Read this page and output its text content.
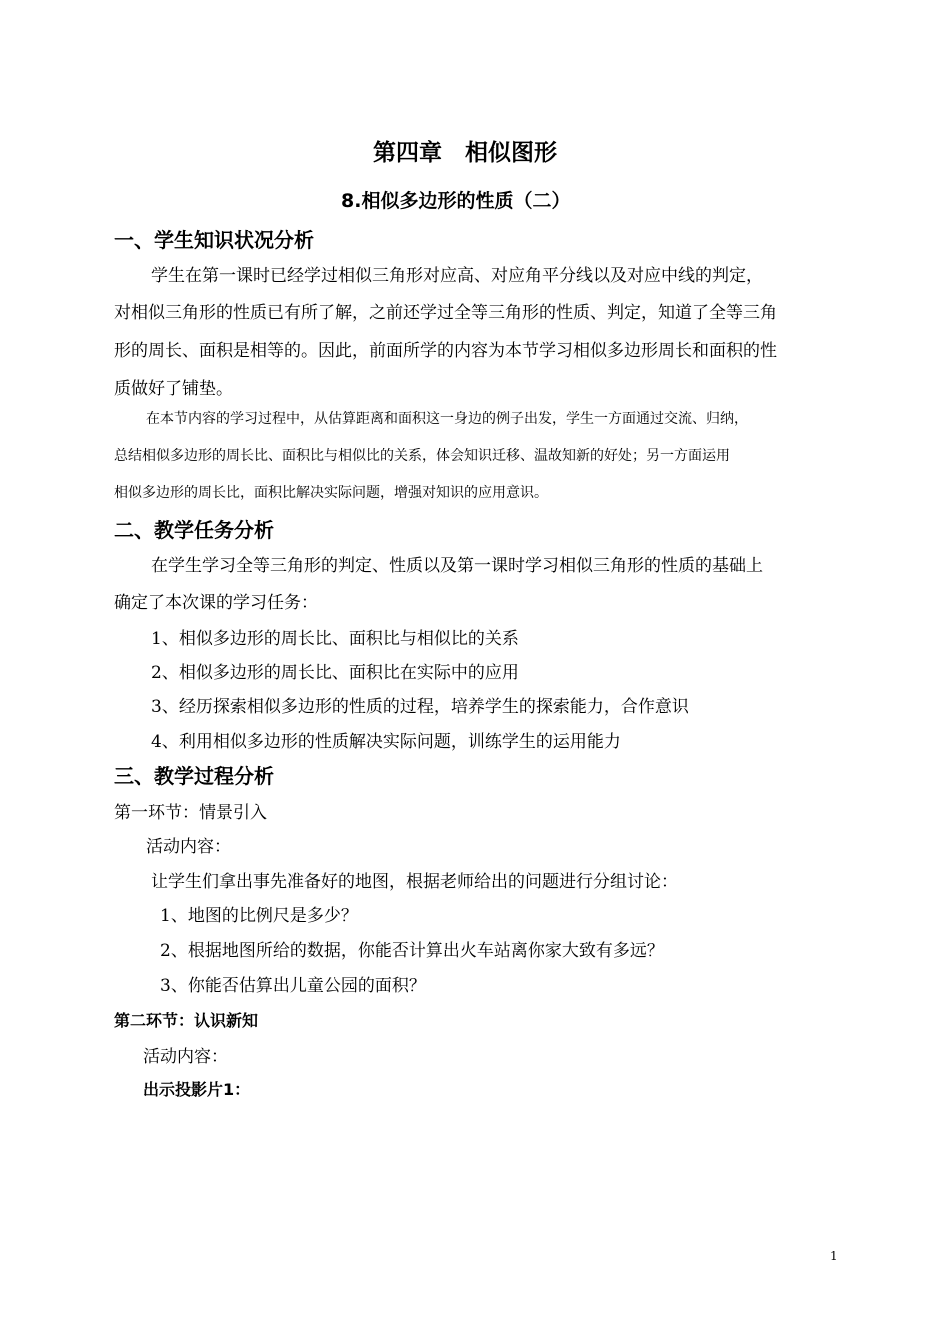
第四章　相似图形
8.相似多边形的性质（二）
一、学生知识状况分析
学生在第一课时已经学过相似三角形对应高、对应角平分线以及对应中线的判定，
对相似三角形的性质已有所了解，之前还学过全等三角形的性质、判定，知道了全等三角
形的周长、面积是相等的。因此，前面所学的内容为本节学习相似多边形周长和面积的性
质做好了铺垫。
在本节内容的学习过程中，从估算距离和面积这一身边的例子出发，学生一方面通过交流、归纳，
总结相似多边形的周长比、面积比与相似比的关系，体会知识迁移、温故知新的好处；另一方面运用
相似多边形的周长比，面积比解决实际问题，增强对知识的应用意识。
二、教学任务分析
在学生学习全等三角形的判定、性质以及第一课时学习相似三角形的性质的基础上
确定了本次课的学习任务：
1、相似多边形的周长比、面积比与相似比的关系
2、相似多边形的周长比、面积比在实际中的应用
3、经历探索相似多边形的性质的过程，培养学生的探索能力，合作意识
4、利用相似多边形的性质解决实际问题，训练学生的运用能力
三、教学过程分析
第一环节：情景引入
活动内容：
让学生们拿出事先准备好的地图，根据老师给出的问题进行分组讨论：
1、地图的比例尺是多少？
2、根据地图所给的数据，你能否计算出火车站离你家大致有多远？
3、你能否估算出儿童公园的面积？
第二环节：认识新知
活动内容：
出示投影片1：
1
